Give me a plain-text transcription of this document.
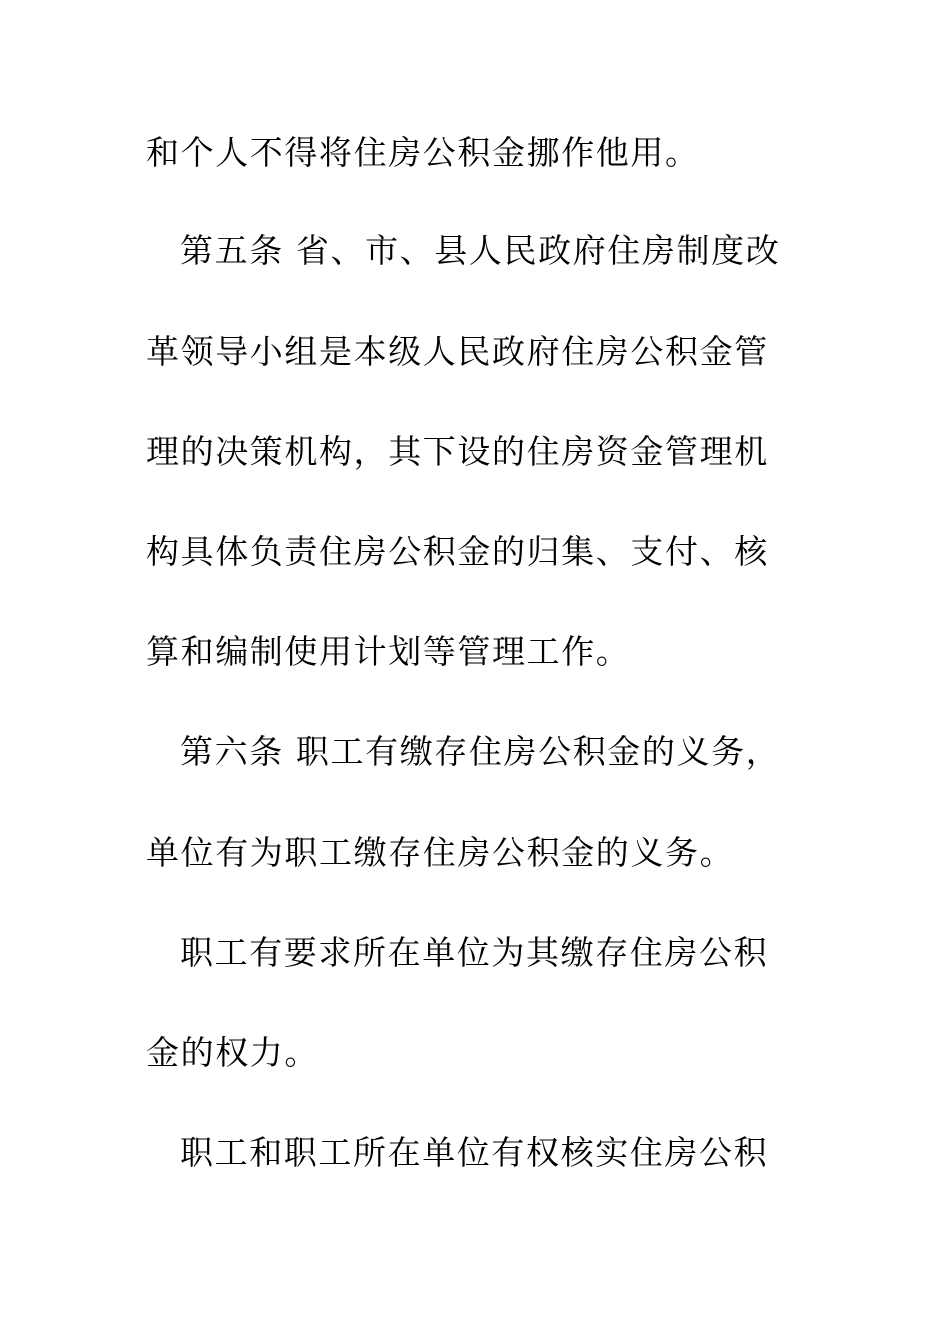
和个人不得将住房公积金挪作他用。
第五条 省、市、县人民政府住房制度改
革领导小组是本级人民政府住房公积金管
理的决策机构，其下设的住房资金管理机
构具体负责住房公积金的归集、支付、核
算和编制使用计划等管理工作。
第六条 职工有缴存住房公积金的义务，
单位有为职工缴存住房公积金的义务。
职工有要求所在单位为其缴存住房公积
金的权力。
职工和职工所在单位有权核实住房公积
